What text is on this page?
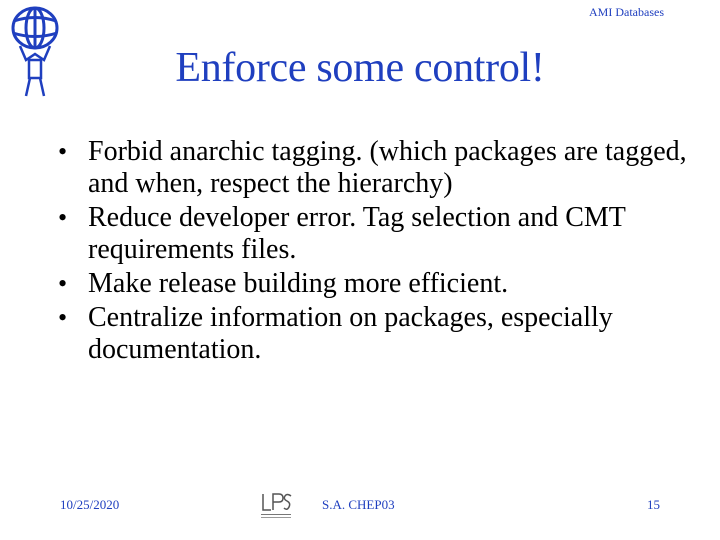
AMI Databases
Enforce some control!
• Forbid anarchic tagging. (which packages are tagged, and when, respect the hierarchy)
• Reduce developer error. Tag selection and CMT requirements files.
• Make release building more efficient.
• Centralize information on packages, especially documentation.
10/25/2020	S.A. CHEP03	15
